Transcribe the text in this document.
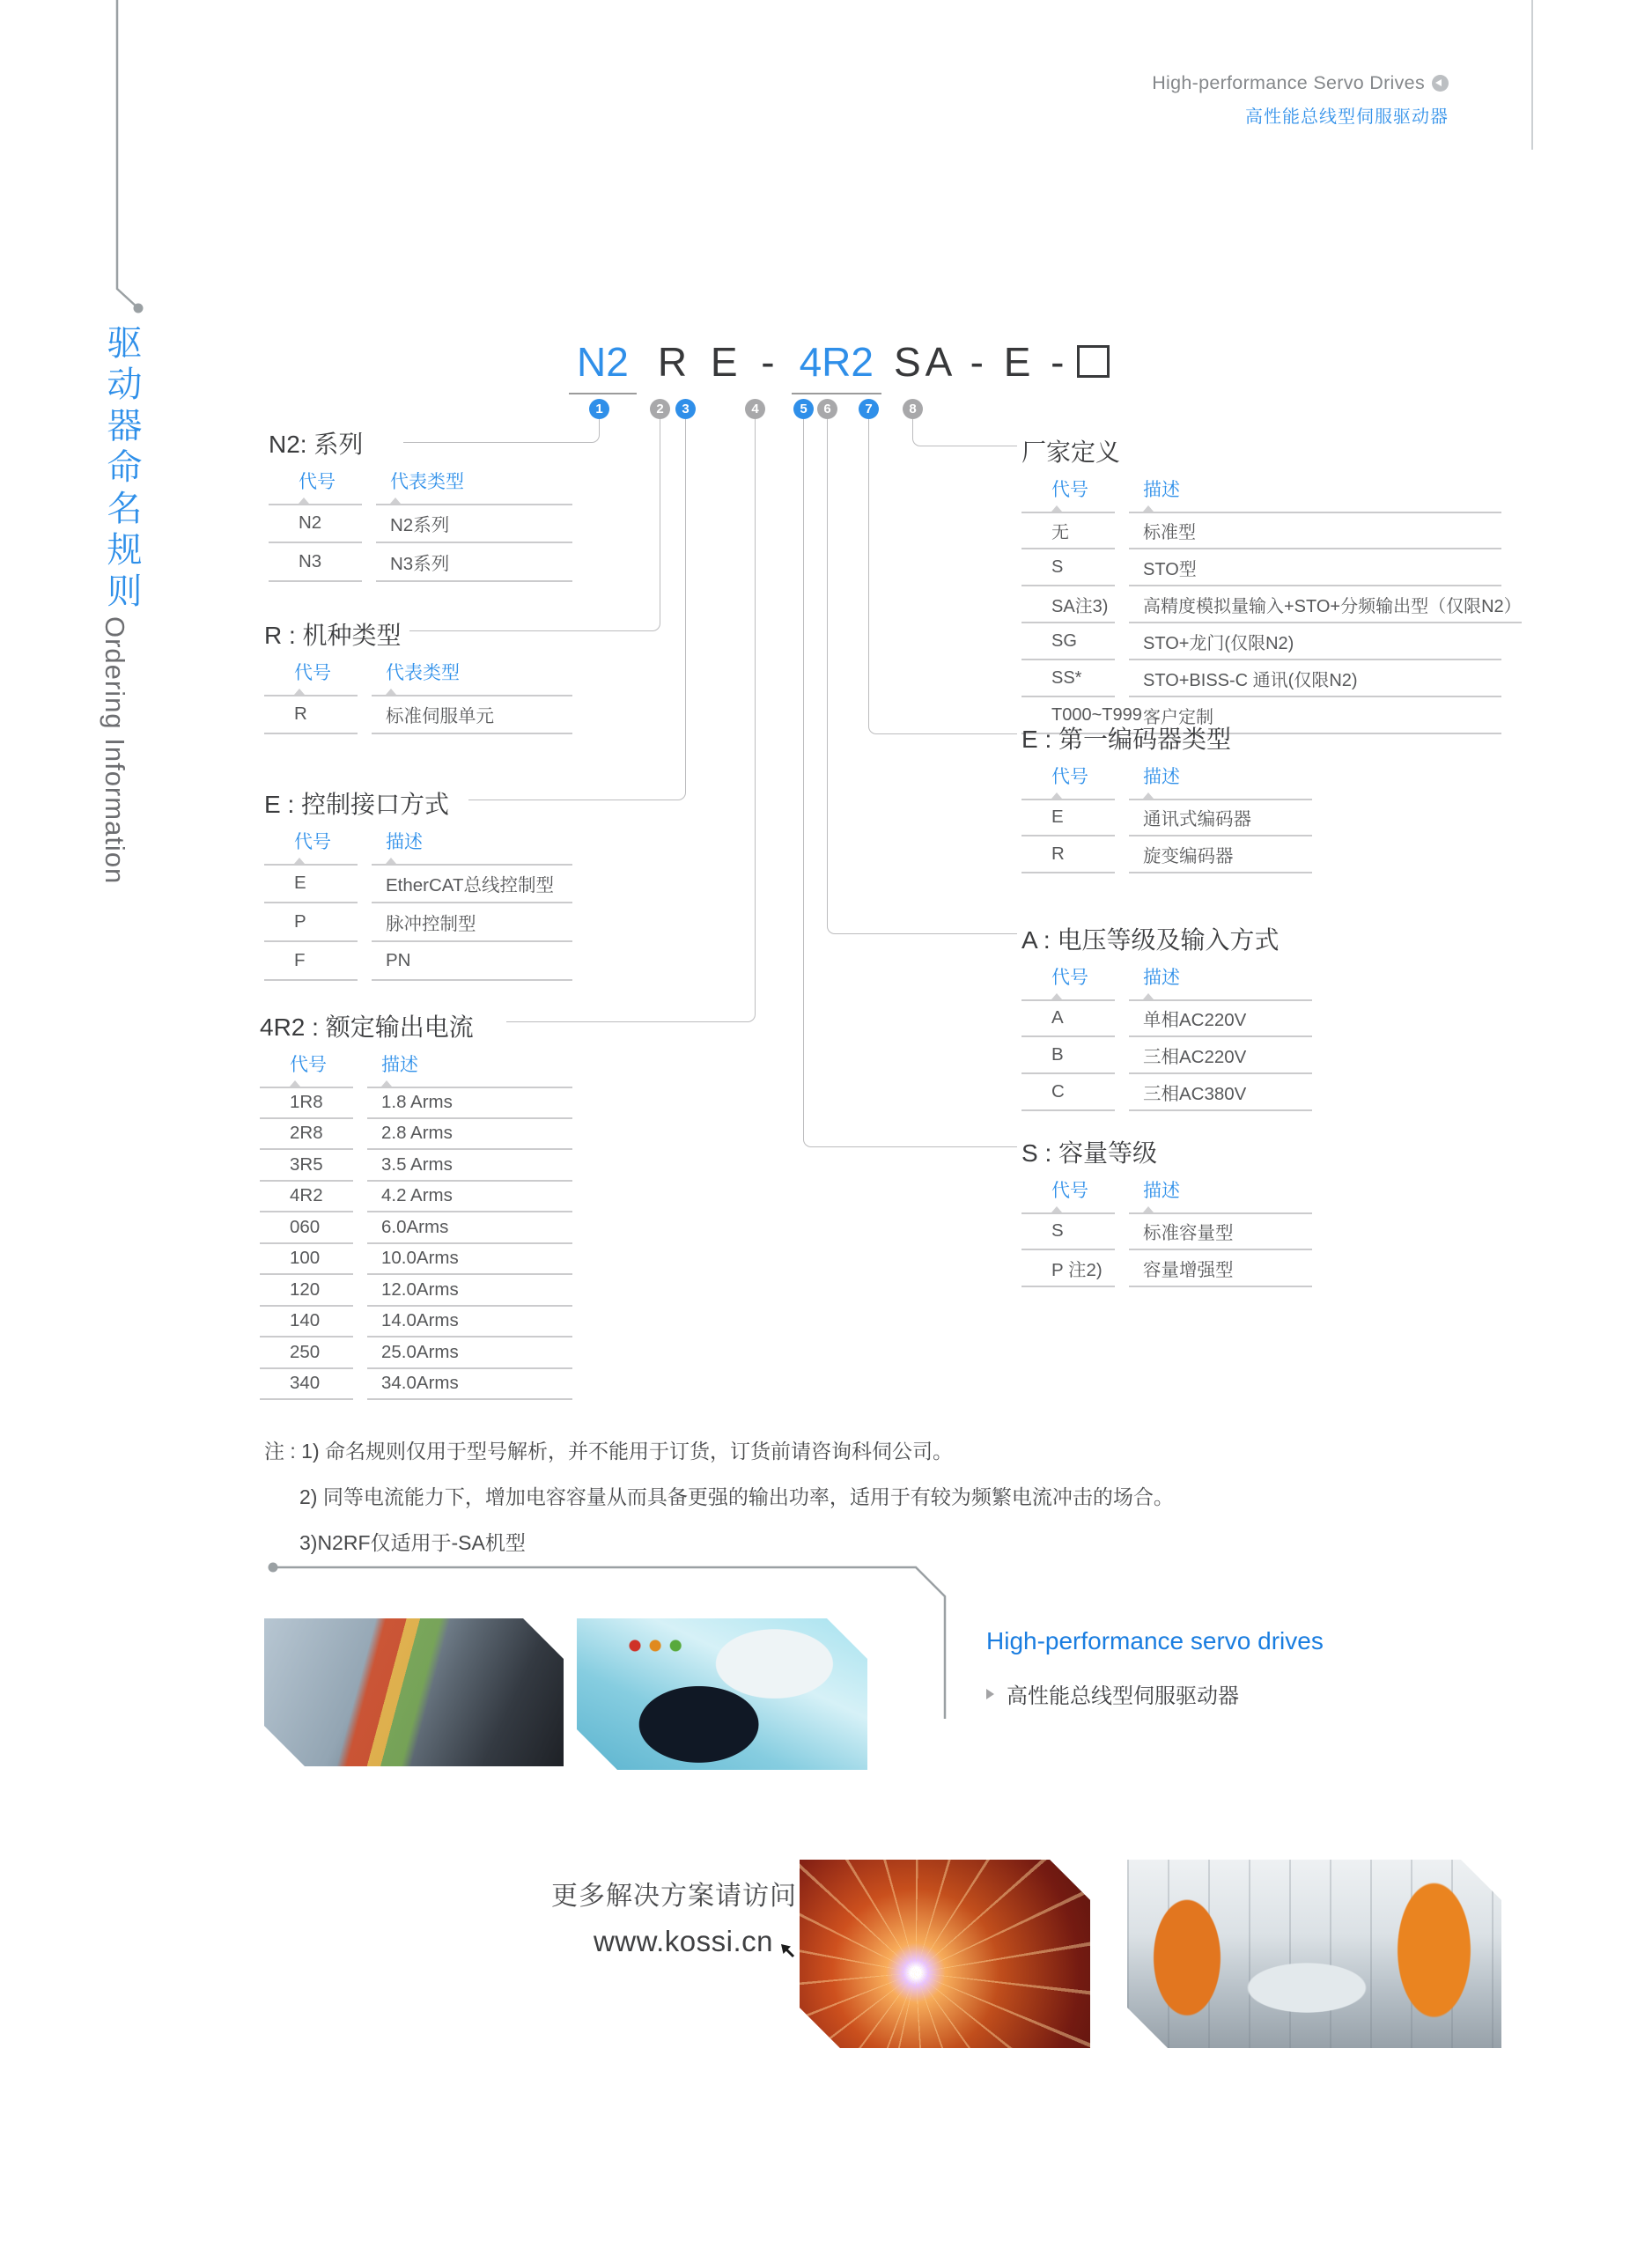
High-performance Servo Drives
高性能总线型伺服驱动器
驱动器命名规则
Ordering Information
N2 R E - 4R2 SA - E -
1	2	3	4	5	6	7	8
N2: 系列
代号	代表类型
N2	N2系列
N3	N3系列
R : 机种类型
代号	代表类型
R	标准伺服单元
E : 控制接口方式
代号	描述
E	EtherCAT总线控制型
P	脉冲控制型
F	PN
4R2 : 额定输出电流
代号	描述
1R8	1.8 Arms
2R8	2.8 Arms
3R5	3.5 Arms
4R2	4.2 Arms
060	6.0Arms
100	10.0Arms
120	12.0Arms
140	14.0Arms
250	25.0Arms
340	34.0Arms
厂家定义
代号	描述
无	标准型
S	STO型
SA注3)	高精度模拟量输入+STO+分频输出型（仅限N2）
SG	STO+龙门(仅限N2)
SS*	STO+BISS-C 通讯(仅限N2)
T000~T999 客户定制
E : 第一编码器类型
代号	描述
E	通讯式编码器
R	旋变编码器
A : 电压等级及输入方式
代号	描述
A	单相AC220V
B	三相AC220V
C	三相AC380V
S : 容量等级
代号	描述
S	标准容量型
P 注2)	容量增强型

注 : 1) 命名规则仅用于型号解析，并不能用于订货，订货前请咨询科伺公司。

2) 同等电流能力下，增加电容容量从而具备更强的输出功率，适用于有较为频繁电流冲击的场合。

3)N2RF仅适用于-SA机型

High-performance servo drives

高性能总线型伺服驱动器
更多解决方案请访问
www.kossi.cn
